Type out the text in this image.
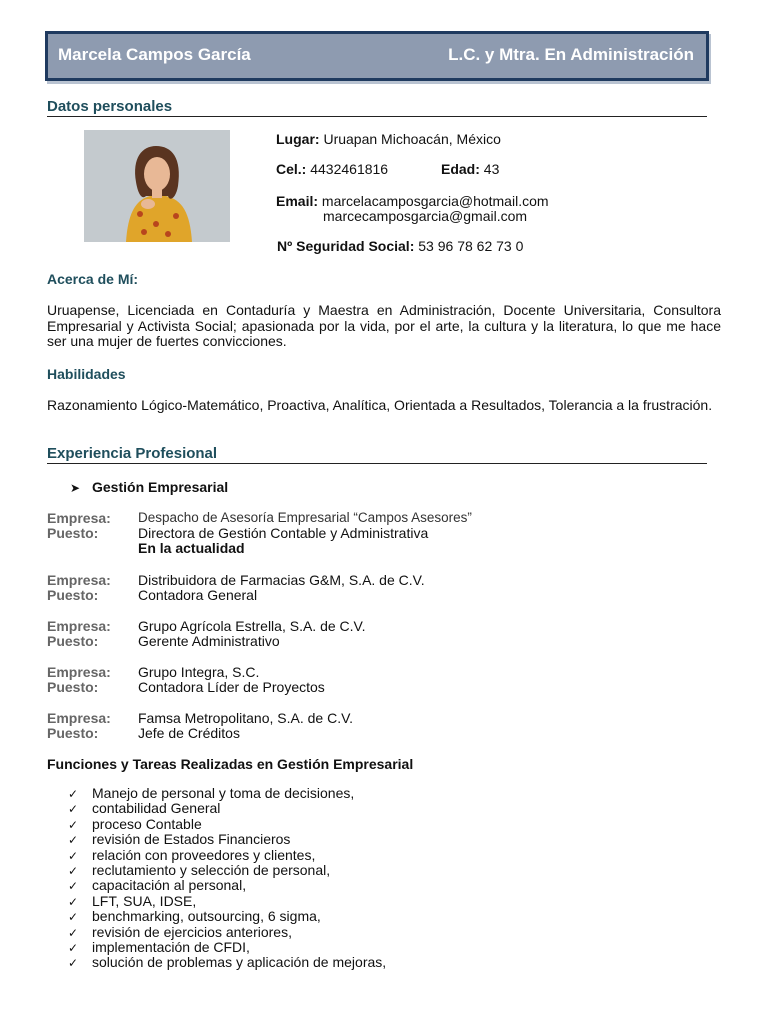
Marcela Campos García	L.C. y Mtra. En Administración
Datos personales
Lugar: Uruapan Michoacán, México
Cel.: 4432461816	Edad: 43
Email: marcelacamposgarcia@hotmail.com
marcecamposgarcia@gmail.com
Nº Seguridad Social: 53 96 78 62 73 0
Acerca de Mí:
Uruapense, Licenciada en Contaduría y Maestra en Administración, Docente Universitaria, Consultora Empresarial y Activista Social; apasionada por la vida, por el arte, la cultura y la literatura, lo que me hace ser una mujer de fuertes convicciones.
Habilidades
Razonamiento Lógico-Matemático, Proactiva, Analítica, Orientada a Resultados, Tolerancia a la frustración.
Experiencia Profesional
➤ Gestión Empresarial
Empresa: Despacho de Asesoría Empresarial “Campos Asesores”
Puesto:	Directora de Gestión Contable y Administrativa
En la actualidad
Empresa: Distribuidora de Farmacias G&M, S.A. de C.V.
Puesto:	Contadora General
Empresa: Grupo Agrícola Estrella, S.A. de C.V.
Puesto:	Gerente Administrativo
Empresa: Grupo Integra, S.C.
Puesto:	Contadora Líder de Proyectos
Empresa: Famsa Metropolitano, S.A. de C.V.
Puesto:	Jefe de Créditos
Funciones y Tareas Realizadas en Gestión Empresarial
✓ Manejo de personal y toma de decisiones,
✓ contabilidad General
✓ proceso Contable
✓ revisión de Estados Financieros
✓ relación con proveedores y clientes,
✓ reclutamiento y selección de personal,
✓ capacitación al personal,
✓ LFT, SUA, IDSE,
✓ benchmarking, outsourcing, 6 sigma,
✓ revisión de ejercicios anteriores,
✓ implementación de CFDI,
✓ solución de problemas y aplicación de mejoras,
